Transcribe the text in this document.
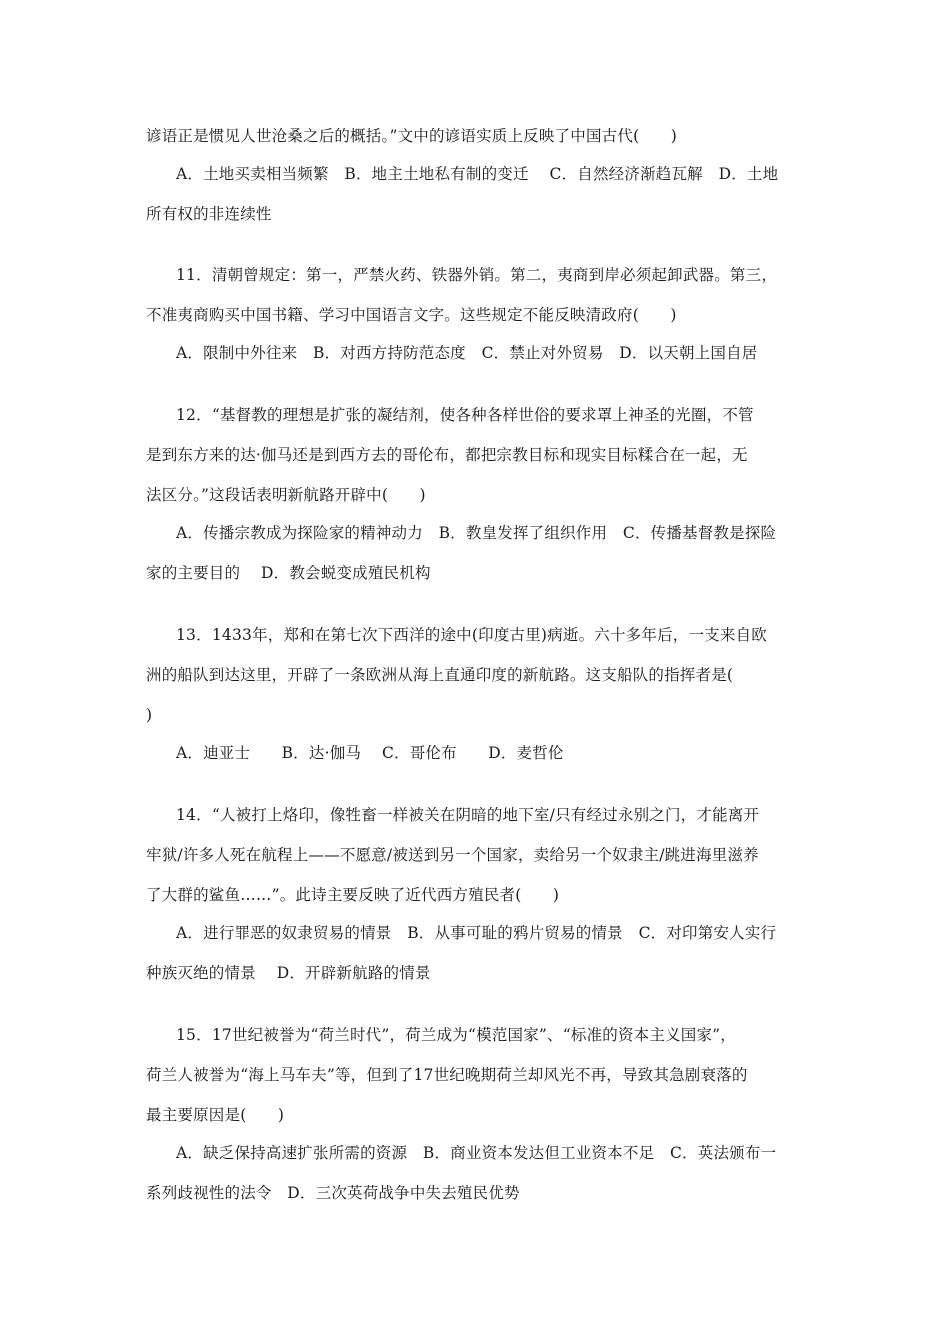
谚语正是惯见人世沧桑之后的概括。”文中的谚语实质上反映了中国古代(　　)
A．土地买卖相当频繁　B．地主土地私有制的变迁　 C．自然经济渐趋瓦解　D．土地
所有权的非连续性
11．清朝曾规定：第一，严禁火药、铁器外销。第二，夷商到岸必须起卸武器。第三，
不准夷商购买中国书籍、学习中国语言文字。这些规定不能反映清政府(　　)
A．限制中外往来　B．对西方持防范态度　C．禁止对外贸易　D．以天朝上国自居
12．“基督教的理想是扩张的凝结剂，使各种各样世俗的要求罩上神圣的光圈，不管
是到东方来的达·伽马还是到西方去的哥伦布，都把宗教目标和现实目标糅合在一起，无
法区分。”这段话表明新航路开辟中(　　)
A．传播宗教成为探险家的精神动力　B．教皇发挥了组织作用　C．传播基督教是探险
家的主要目的　 D．教会蜕变成殖民机构
13．1433年，郑和在第七次下西洋的途中(印度古里)病逝。六十多年后，一支来自欧
洲的船队到达这里，开辟了一条欧洲从海上直通印度的新航路。这支船队的指挥者是(
)
A．迪亚士　　B．达·伽马　 C．哥伦布　　D．麦哲伦
14．“人被打上烙印，像牲畜一样被关在阴暗的地下室/只有经过永别之门，才能离开
牢狱/许多人死在航程上——不愿意/被送到另一个国家，卖给另一个奴隶主/跳进海里滋养
了大群的鲨鱼……”。此诗主要反映了近代西方殖民者(　　)
A．进行罪恶的奴隶贸易的情景　B．从事可耻的鸦片贸易的情景　C．对印第安人实行
种族灭绝的情景　 D．开辟新航路的情景
15．17世纪被誉为“荷兰时代”，荷兰成为“模范国家”、“标准的资本主义国家”，
荷兰人被誉为“海上马车夫”等，但到了17世纪晚期荷兰却风光不再，导致其急剧衰落的
最主要原因是(　　)
A．缺乏保持高速扩张所需的资源　B．商业资本发达但工业资本不足　C．英法颁布一
系列歧视性的法令　D．三次英荷战争中失去殖民优势
